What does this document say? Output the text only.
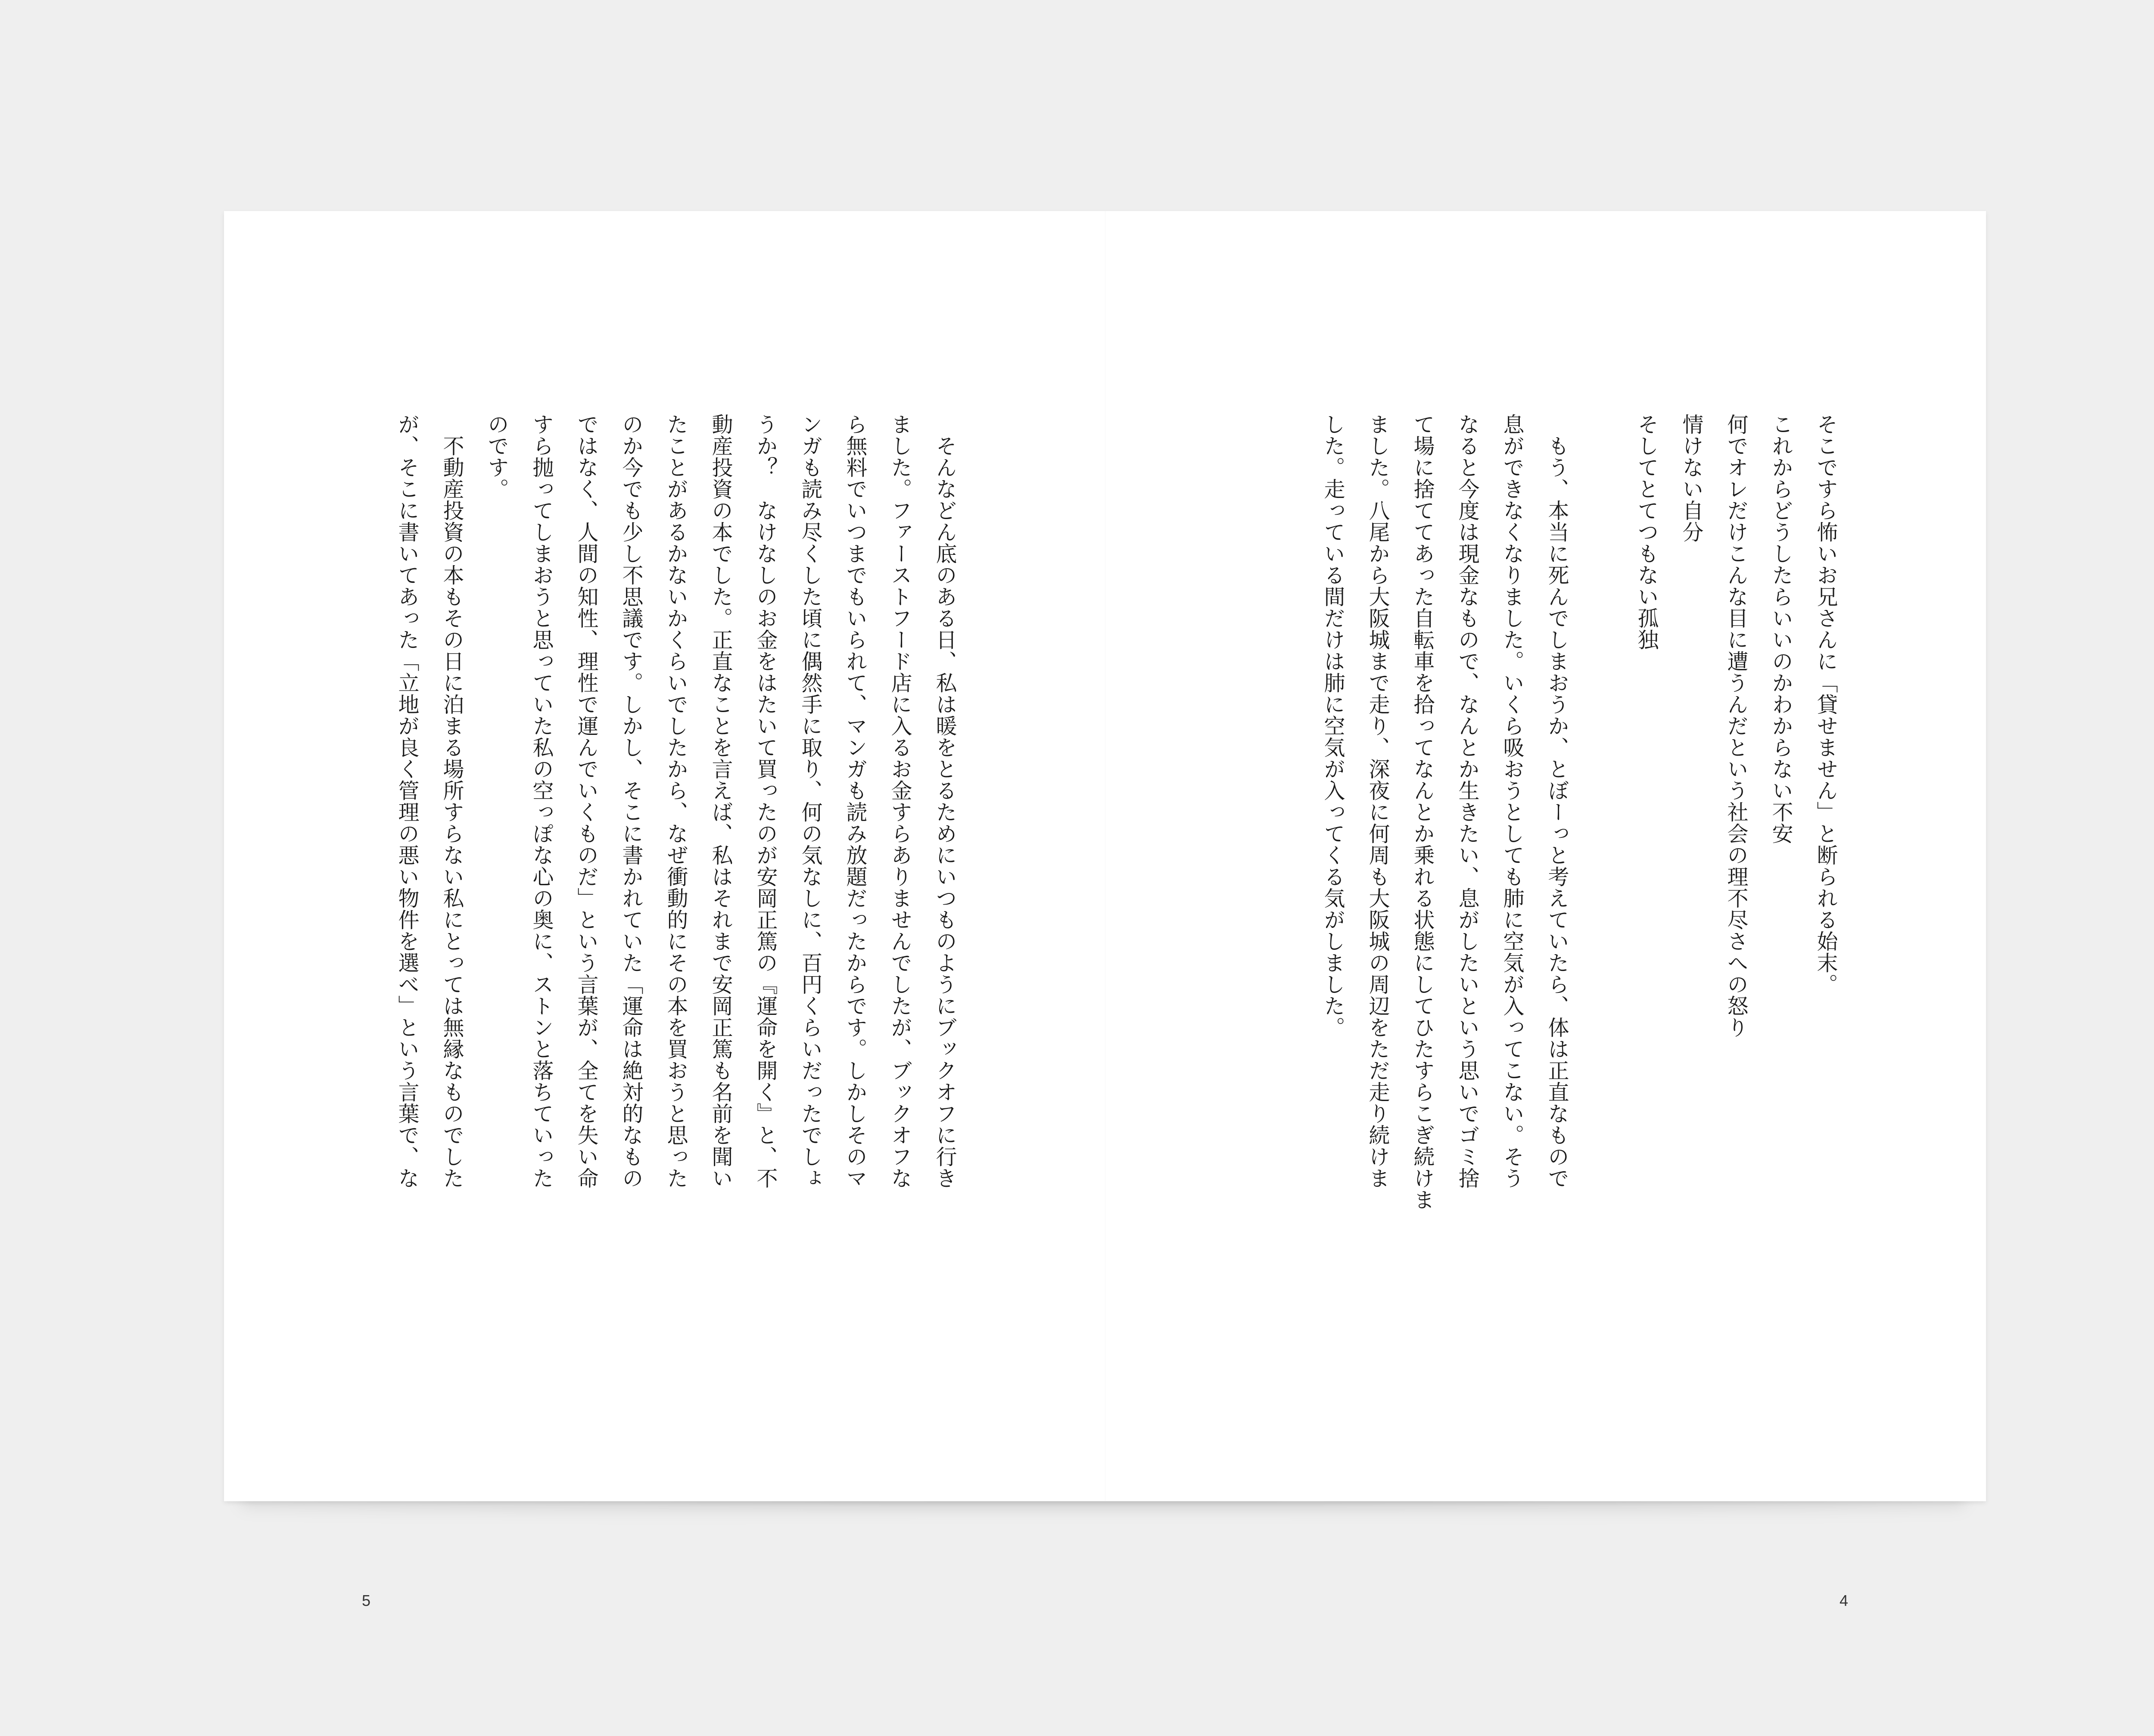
　そんなどん底のある日、私は暖をとるためにいつものようにブックオフに行き
ました。ファーストフード店に入るお金すらありませんでしたが、ブックオフな
ら無料でいつまでもいられて、マンガも読み放題だったからです。しかしそのマ
ンガも読み尽くした頃に偶然手に取り、何の気なしに、百円くらいだったでしょ
うか？　なけなしのお金をはたいて買ったのが安岡正篤の『運命を開く』と、不
動産投資の本でした。正直なことを言えば、私はそれまで安岡正篤も名前を聞い
たことがあるかないかくらいでしたから、なぜ衝動的にその本を買おうと思った
のか今でも少し不思議です。しかし、そこに書かれていた「運命は絶対的なもの
ではなく、人間の知性、理性で運んでいくものだ」という言葉が、全てを失い命
すら抛ってしまおうと思っていた私の空っぽな心の奥に、ストンと落ちていった
のです。
　不動産投資の本もその日に泊まる場所すらない私にとっては無縁なものでした
が、そこに書いてあった「立地が良く管理の悪い物件を選べ」という言葉で、な
5
そこですら怖いお兄さんに「貸せません」と断られる始末。
これからどうしたらいいのかわからない不安
何でオレだけこんな目に遭うんだという社会の理不尽さへの怒り
情けない自分
そしてとてつもない孤独
　もう、本当に死んでしまおうか、とぼーっと考えていたら、体は正直なもので
息ができなくなりました。いくら吸おうとしても肺に空気が入ってこない。そう
なると今度は現金なもので、なんとか生きたい、息がしたいという思いでゴミ捨
て場に捨ててあった自転車を拾ってなんとか乗れる状態にしてひたすらこぎ続けま
ました。八尾から大阪城まで走り、深夜に何周も大阪城の周辺をただ走り続けま
した。走っている間だけは肺に空気が入ってくる気がしました。
4
